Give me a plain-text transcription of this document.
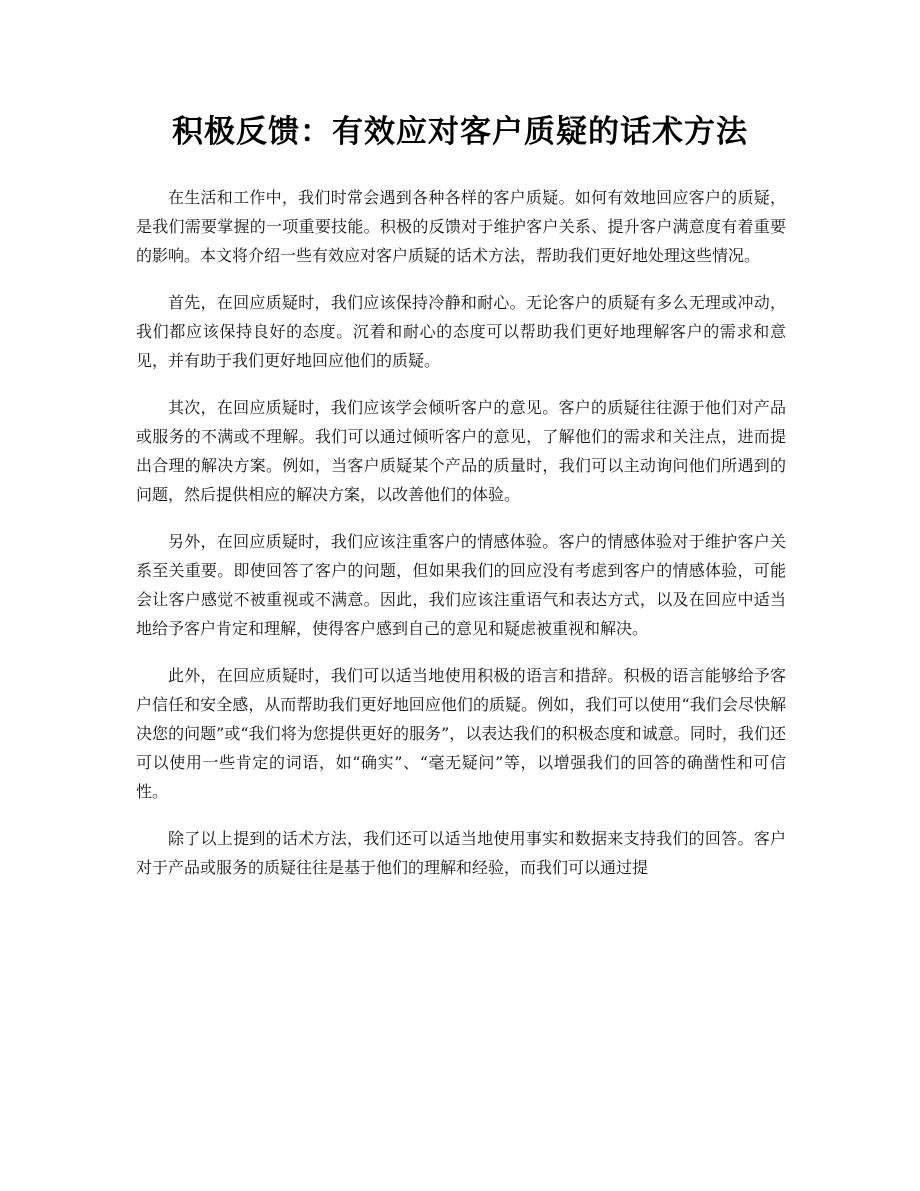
积极反馈：有效应对客户质疑的话术方法

在生活和工作中，我们时常会遇到各种各样的客户质疑。如何有效地回应客户的质疑，是我们需要掌握的一项重要技能。积极的反馈对于维护客户关系、提升客户满意度有着重要的影响。本文将介绍一些有效应对客户质疑的话术方法，帮助我们更好地处理这些情况。

首先，在回应质疑时，我们应该保持冷静和耐心。无论客户的质疑有多么无理或冲动，我们都应该保持良好的态度。沉着和耐心的态度可以帮助我们更好地理解客户的需求和意见，并有助于我们更好地回应他们的质疑。

其次，在回应质疑时，我们应该学会倾听客户的意见。客户的质疑往往源于他们对产品或服务的不满或不理解。我们可以通过倾听客户的意见，了解他们的需求和关注点，进而提出合理的解决方案。例如，当客户质疑某个产品的质量时，我们可以主动询问他们所遇到的问题，然后提供相应的解决方案，以改善他们的体验。

另外，在回应质疑时，我们应该注重客户的情感体验。客户的情感体验对于维护客户关系至关重要。即使回答了客户的问题，但如果我们的回应没有考虑到客户的情感体验，可能会让客户感觉不被重视或不满意。因此，我们应该注重语气和表达方式，以及在回应中适当地给予客户肯定和理解，使得客户感到自己的意见和疑虑被重视和解决。

此外，在回应质疑时，我们可以适当地使用积极的语言和措辞。积极的语言能够给予客户信任和安全感，从而帮助我们更好地回应他们的质疑。例如，我们可以使用“我们会尽快解决您的问题”或“我们将为您提供更好的服务”，以表达我们的积极态度和诚意。同时，我们还可以使用一些肯定的词语，如“确实”、“毫无疑问”等，以增强我们的回答的确凿性和可信性。

除了以上提到的话术方法，我们还可以适当地使用事实和数据来支持我们的回答。客户对于产品或服务的质疑往往是基于他们的理解和经验，而我们可以通过提
